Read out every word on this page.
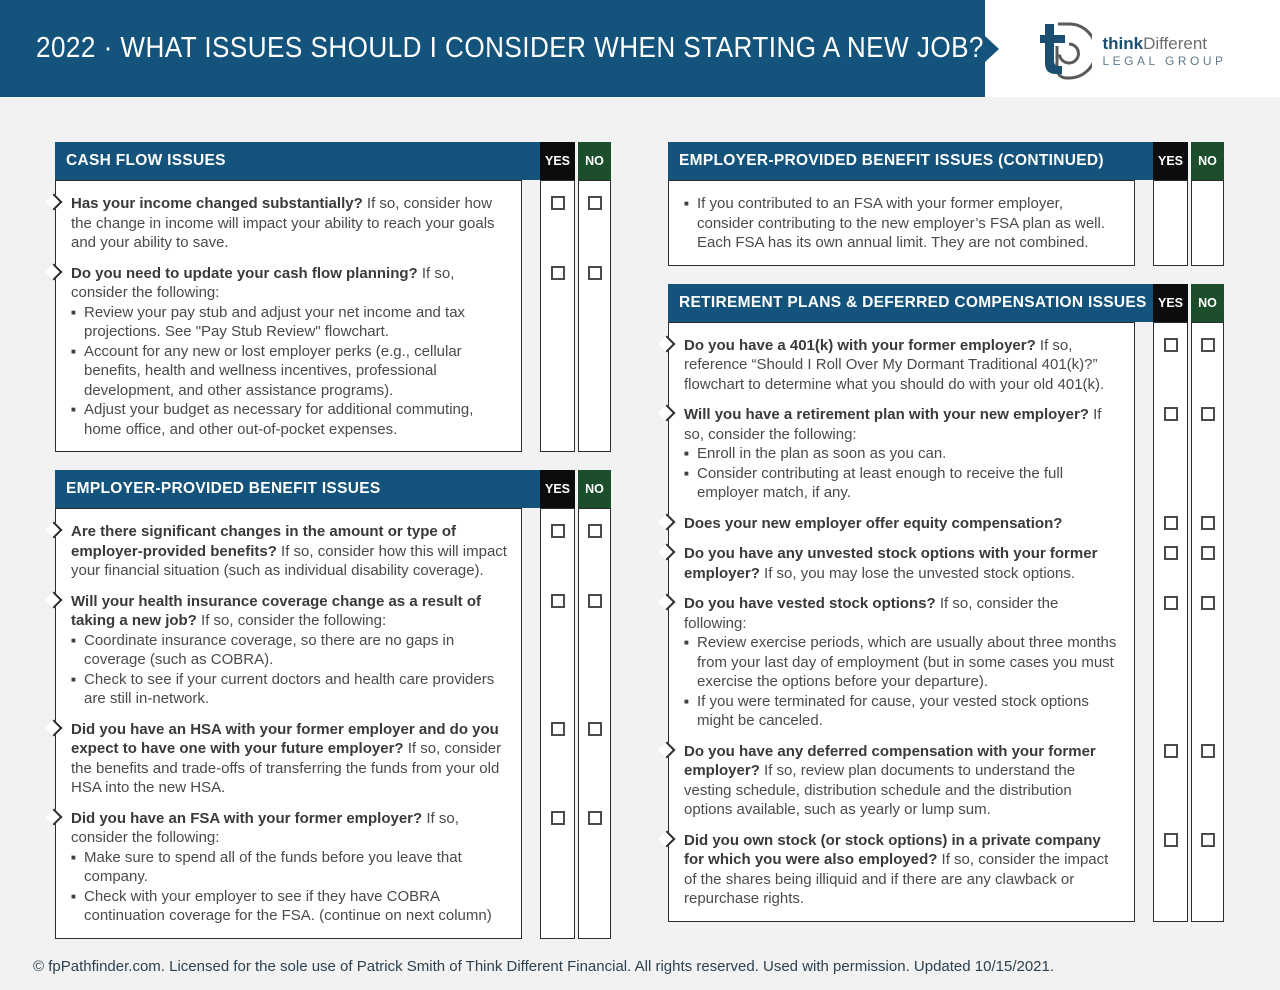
2022 · WHAT ISSUES SHOULD I CONSIDER WHEN STARTING A NEW JOB?	thinkDifferent
LEGAL GROUP
CASH FLOW ISSUES	YES	NO
Has your income changed substantially? If so, consider how the change in income will impact your ability to reach your goals and your ability to save.
Do you need to update your cash flow planning? If so, consider the following:
■ Review your pay stub and adjust your net income and tax projections. See "Pay Stub Review" flowchart.
■ Account for any new or lost employer perks (e.g., cellular benefits, health and wellness incentives, professional development, and other assistance programs).
■ Adjust your budget as necessary for additional commuting, home office, and other out-of-pocket expenses.
EMPLOYER-PROVIDED BENEFIT ISSUES	YES	NO
Are there significant changes in the amount or type of employer-provided benefits? If so, consider how this will impact your financial situation (such as individual disability coverage).
Will your health insurance coverage change as a result of taking a new job? If so, consider the following:
■ Coordinate insurance coverage, so there are no gaps in coverage (such as COBRA).
■ Check to see if your current doctors and health care providers are still in-network.
Did you have an HSA with your former employer and do you expect to have one with your future employer? If so, consider the benefits and trade-offs of transferring the funds from your old HSA into the new HSA.
Did you have an FSA with your former employer? If so, consider the following:
■ Make sure to spend all of the funds before you leave that company.
■ Check with your employer to see if they have COBRA continuation coverage for the FSA. (continue on next column)
EMPLOYER-PROVIDED BENEFIT ISSUES (CONTINUED)	YES	NO
■ If you contributed to an FSA with your former employer, consider contributing to the new employer’s FSA plan as well. Each FSA has its own annual limit. They are not combined.
RETIREMENT PLANS & DEFERRED COMPENSATION ISSUES YES	NO
Do you have a 401(k) with your former employer? If so, reference “Should I Roll Over My Dormant Traditional 401(k)?” flowchart to determine what you should do with your old 401(k).
Will you have a retirement plan with your new employer? If so, consider the following:
■ Enroll in the plan as soon as you can.
■ Consider contributing at least enough to receive the full employer match, if any.
Does your new employer offer equity compensation?
Do you have any unvested stock options with your former employer? If so, you may lose the unvested stock options.
Do you have vested stock options? If so, consider the following:
■ Review exercise periods, which are usually about three months from your last day of employment (but in some cases you must exercise the options before your departure).
■ If you were terminated for cause, your vested stock options might be canceled.
Do you have any deferred compensation with your former employer? If so, review plan documents to understand the vesting schedule, distribution schedule and the distribution options available, such as yearly or lump sum.
Did you own stock (or stock options) in a private company for which you were also employed? If so, consider the impact of the shares being illiquid and if there are any clawback or repurchase rights.
© fpPathfinder.com. Licensed for the sole use of Patrick Smith of Think Different Financial. All rights reserved. Used with permission. Updated 10/15/2021.
